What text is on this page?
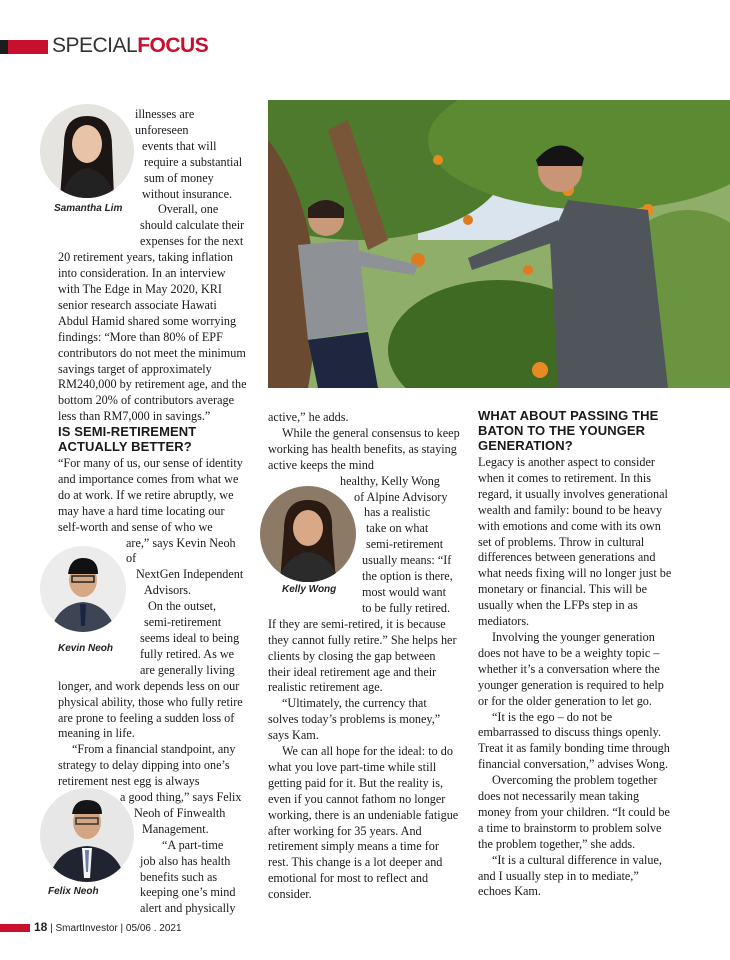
SPECIALFOCUS
Samantha Lim
Kevin Neoh
Kelly Wong
Felix Neoh

illnesses are unforeseen

events that will

require a substantial

sum of money

without insurance.

Overall, one

should calculate their

expenses for the next

20 retirement years, taking inflation into consideration. In an interview with The Edge in May 2020, KRI senior research associate Hawati Abdul Hamid shared some worrying findings: “More than 80% of EPF contributors do not meet the minimum savings target of approximately RM240,000 by retirement age, and the bottom 20% of contributors average less than RM7,000 in savings.”

IS SEMI-RETIREMENT ACTUALLY BETTER?

“For many of us, our sense of identity and importance comes from what we do at work. If we retire abruptly, we may have a hard time locating our self-worth and sense of who we

are,” says Kevin Neoh of

NextGen Independent

Advisors.

On the outset,

semi-retirement

seems ideal to being

fully retired. As we

are generally living

longer, and work depends less on our physical ability, those who fully retire are prone to feeling a sudden loss of meaning in life.

“From a financial standpoint, any strategy to delay dipping into one’s retirement nest egg is always

a good thing,” says Felix

Neoh of Finwealth

Management.

“A part-time

job also has health

benefits such as

keeping one’s mind

alert and physically

active,” he adds.

While the general consensus to keep working has health benefits, as staying active keeps the mind

healthy, Kelly Wong

of Alpine Advisory

has a realistic

take on what

semi-retirement

usually means: “If

the option is there,

most would want

to be fully retired.

If they are semi-retired, it is because they cannot fully retire.” She helps her clients by closing the gap between their ideal retirement age and their realistic retirement age.

“Ultimately, the currency that solves today’s problems is money,” says Kam.

We can all hope for the ideal: to do what you love part-time while still getting paid for it. But the reality is, even if you cannot fathom no longer working, there is an undeniable fatigue after working for 35 years. And retirement simply means a time for rest. This change is a lot deeper and emotional for most to reflect and consider.

WHAT ABOUT PASSING THE BATON TO THE YOUNGER GENERATION?

Legacy is another aspect to consider when it comes to retirement. In this regard, it usually involves generational wealth and family: bound to be heavy with emotions and come with its own set of problems. Throw in cultural differences between generations and what needs fixing will no longer just be monetary or financial. This will be usually when the LFPs step in as mediators.

Involving the younger generation does not have to be a weighty topic – whether it’s a conversation where the younger generation is required to help or for the older generation to let go.

“It is the ego – do not be embarrassed to discuss things openly. Treat it as family bonding time through financial conversation,” advises Wong.

Overcoming the problem together does not necessarily mean taking money from your children. “It could be a time to brainstorm to problem solve the problem together,” she adds.

“It is a cultural difference in value, and I usually step in to mediate,” echoes Kam.

18 | SmartInvestor | 05/06 . 2021
